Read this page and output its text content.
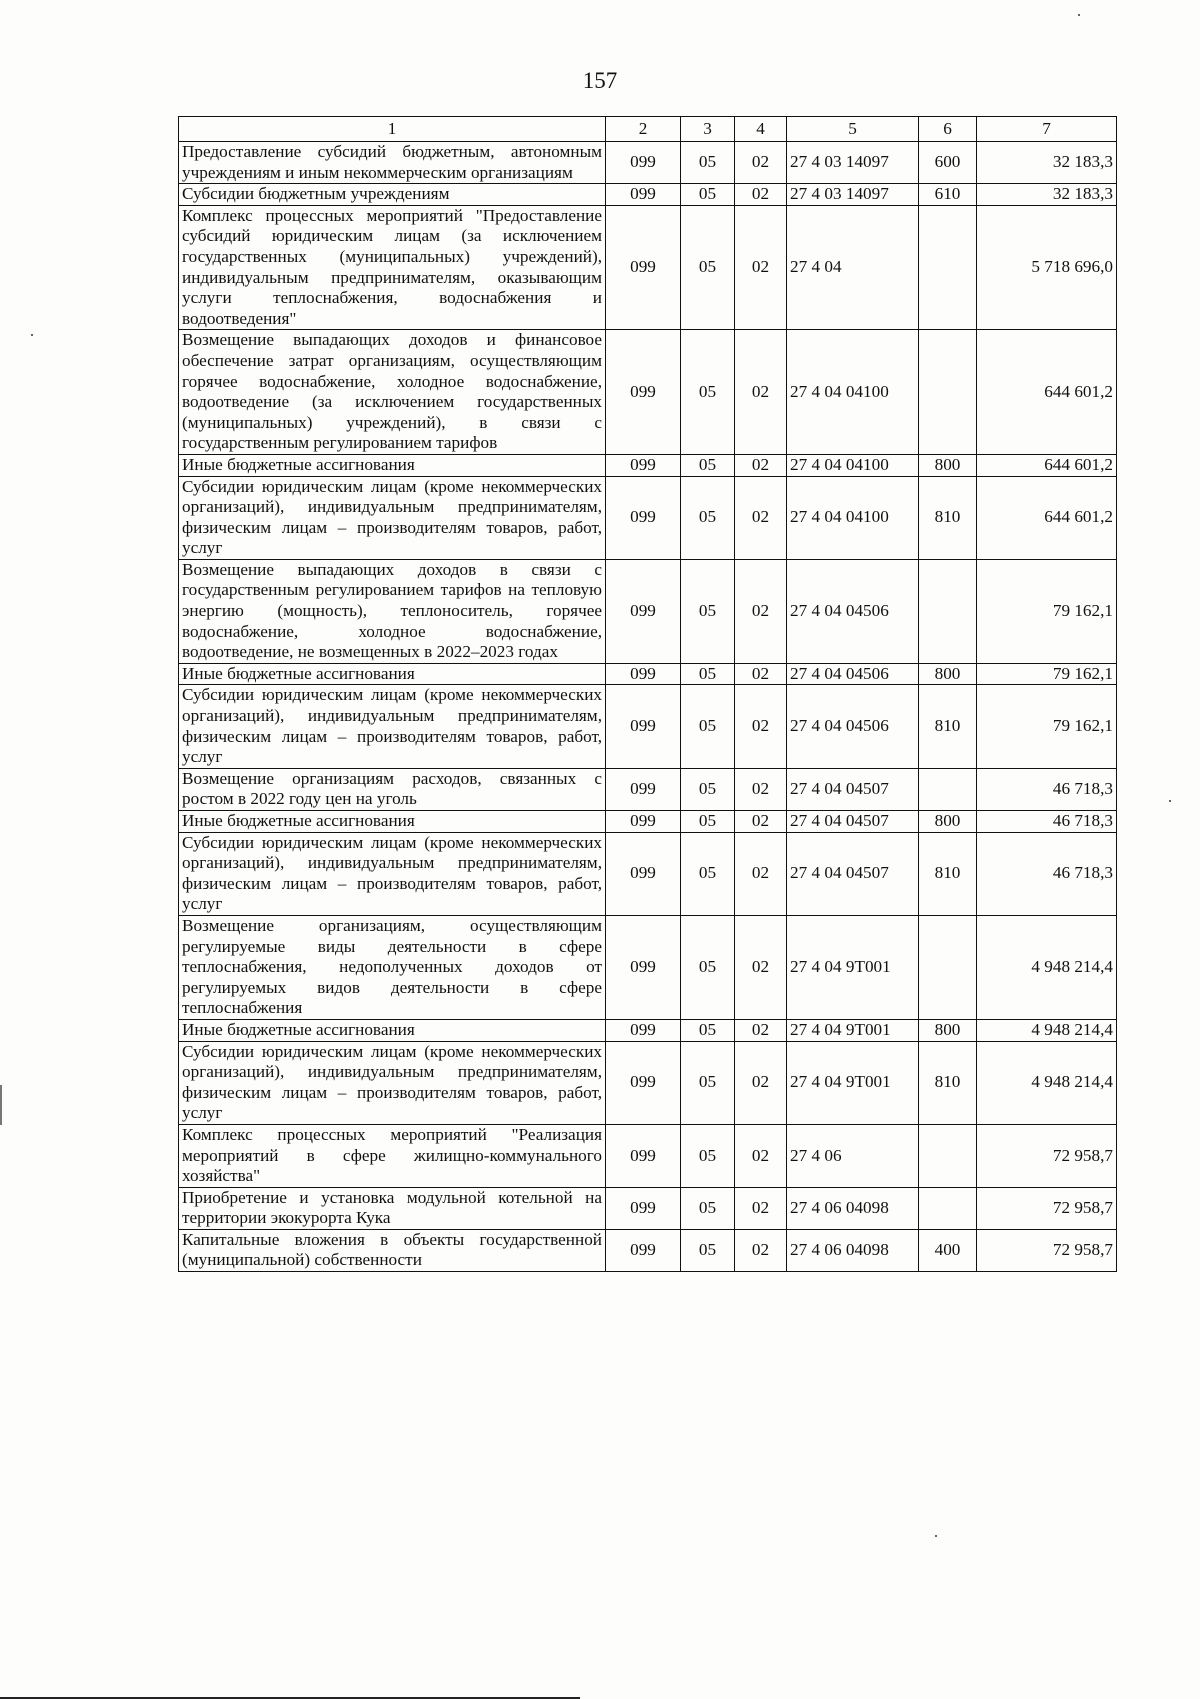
157
1	2	3	4	5	6	7
Предоставление субсидий бюджетным, автономным учреждениям и иным некоммерческим организациям	099	05	02	27 4 03 14097	600	32 183,3
Субсидии бюджетным учреждениям	099	05	02	27 4 03 14097	610	32 183,3
Комплекс процессных мероприятий "Предоставление субсидий юридическим лицам (за исключением государственных (муниципальных) учреждений), индивидуальным предпринимателям, оказывающим услуги теплоснабжения, водоснабжения и водоотведения"	099	05	02	27 4 04		5 718 696,0
Возмещение выпадающих доходов и финансовое обеспечение затрат организациям, осуществляющим горячее водоснабжение, холодное водоснабжение, водоотведение (за исключением государственных (муниципальных) учреждений), в связи с государственным регулированием тарифов	099	05	02	27 4 04 04100		644 601,2
Иные бюджетные ассигнования	099	05	02	27 4 04 04100	800	644 601,2
Субсидии юридическим лицам (кроме некоммерческих организаций), индивидуальным предпринимателям, физическим лицам – производителям товаров, работ, услуг	099	05	02	27 4 04 04100	810	644 601,2
Возмещение выпадающих доходов в связи с государственным регулированием тарифов на тепловую энергию (мощность), теплоноситель, горячее водоснабжение, холодное водоснабжение, водоотведение, не возмещенных в 2022–2023 годах	099	05	02	27 4 04 04506		79 162,1
Иные бюджетные ассигнования	099	05	02	27 4 04 04506	800	79 162,1
Субсидии юридическим лицам (кроме некоммерческих организаций), индивидуальным предпринимателям, физическим лицам – производителям товаров, работ, услуг	099	05	02	27 4 04 04506	810	79 162,1
Возмещение организациям расходов, связанных с ростом в 2022 году цен на уголь	099	05	02	27 4 04 04507		46 718,3
Иные бюджетные ассигнования	099	05	02	27 4 04 04507	800	46 718,3
Субсидии юридическим лицам (кроме некоммерческих организаций), индивидуальным предпринимателям, физическим лицам – производителям товаров, работ, услуг	099	05	02	27 4 04 04507	810	46 718,3
Возмещение организациям, осуществляющим регулируемые виды деятельности в сфере теплоснабжения, недополученных доходов от регулируемых видов деятельности в сфере теплоснабжения	099	05	02	27 4 04 9Т001		4 948 214,4
Иные бюджетные ассигнования	099	05	02	27 4 04 9Т001	800	4 948 214,4
Субсидии юридическим лицам (кроме некоммерческих организаций), индивидуальным предпринимателям, физическим лицам – производителям товаров, работ, услуг	099	05	02	27 4 04 9Т001	810	4 948 214,4
Комплекс процессных мероприятий "Реализация мероприятий в сфере жилищно-коммунального хозяйства"	099	05	02	27 4 06		72 958,7
Приобретение и установка модульной котельной на территории экокурорта Кука	099	05	02	27 4 06 04098		72 958,7
Капитальные вложения в объекты государственной (муниципальной) собственности	099	05	02	27 4 06 04098	400	72 958,7
